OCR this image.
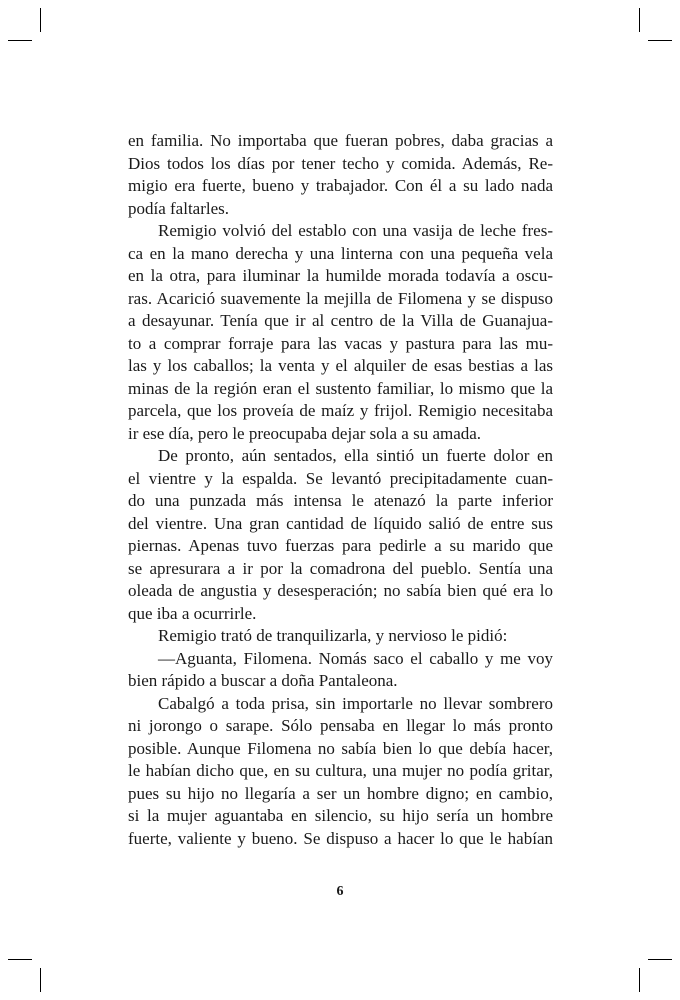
en familia. No importaba que fueran pobres, daba gracias a
Dios todos los días por tener techo y comida. Además, Re-
migio era fuerte, bueno y trabajador. Con él a su lado nada
podía faltarles.
Remigio volvió del establo con una vasija de leche fres-
ca en la mano derecha y una linterna con una pequeña vela
en la otra, para iluminar la humilde morada todavía a oscu-
ras. Acarició suavemente la mejilla de Filomena y se dispuso
a desayunar. Tenía que ir al centro de la Villa de Guanajua-
to a comprar forraje para las vacas y pastura para las mu-
las y los caballos; la venta y el alquiler de esas bestias a las
minas de la región eran el sustento familiar, lo mismo que la
parcela, que los proveía de maíz y frijol. Remigio necesitaba
ir ese día, pero le preocupaba dejar sola a su amada.
De pronto, aún sentados, ella sintió un fuerte dolor en
el vientre y la espalda. Se levantó precipitadamente cuan-
do una punzada más intensa le atenazó la parte inferior
del vientre. Una gran cantidad de líquido salió de entre sus
piernas. Apenas tuvo fuerzas para pedirle a su marido que
se apresurara a ir por la comadrona del pueblo. Sentía una
oleada de angustia y desesperación; no sabía bien qué era lo
que iba a ocurrirle.
Remigio trató de tranquilizarla, y nervioso le pidió:
—Aguanta, Filomena. Nomás saco el caballo y me voy
bien rápido a buscar a doña Pantaleona.
Cabalgó a toda prisa, sin importarle no llevar sombrero
ni jorongo o sarape. Sólo pensaba en llegar lo más pronto
posible. Aunque Filomena no sabía bien lo que debía hacer,
le habían dicho que, en su cultura, una mujer no podía gritar,
pues su hijo no llegaría a ser un hombre digno; en cambio,
si la mujer aguantaba en silencio, su hijo sería un hombre
fuerte, valiente y bueno. Se dispuso a hacer lo que le habían
6
